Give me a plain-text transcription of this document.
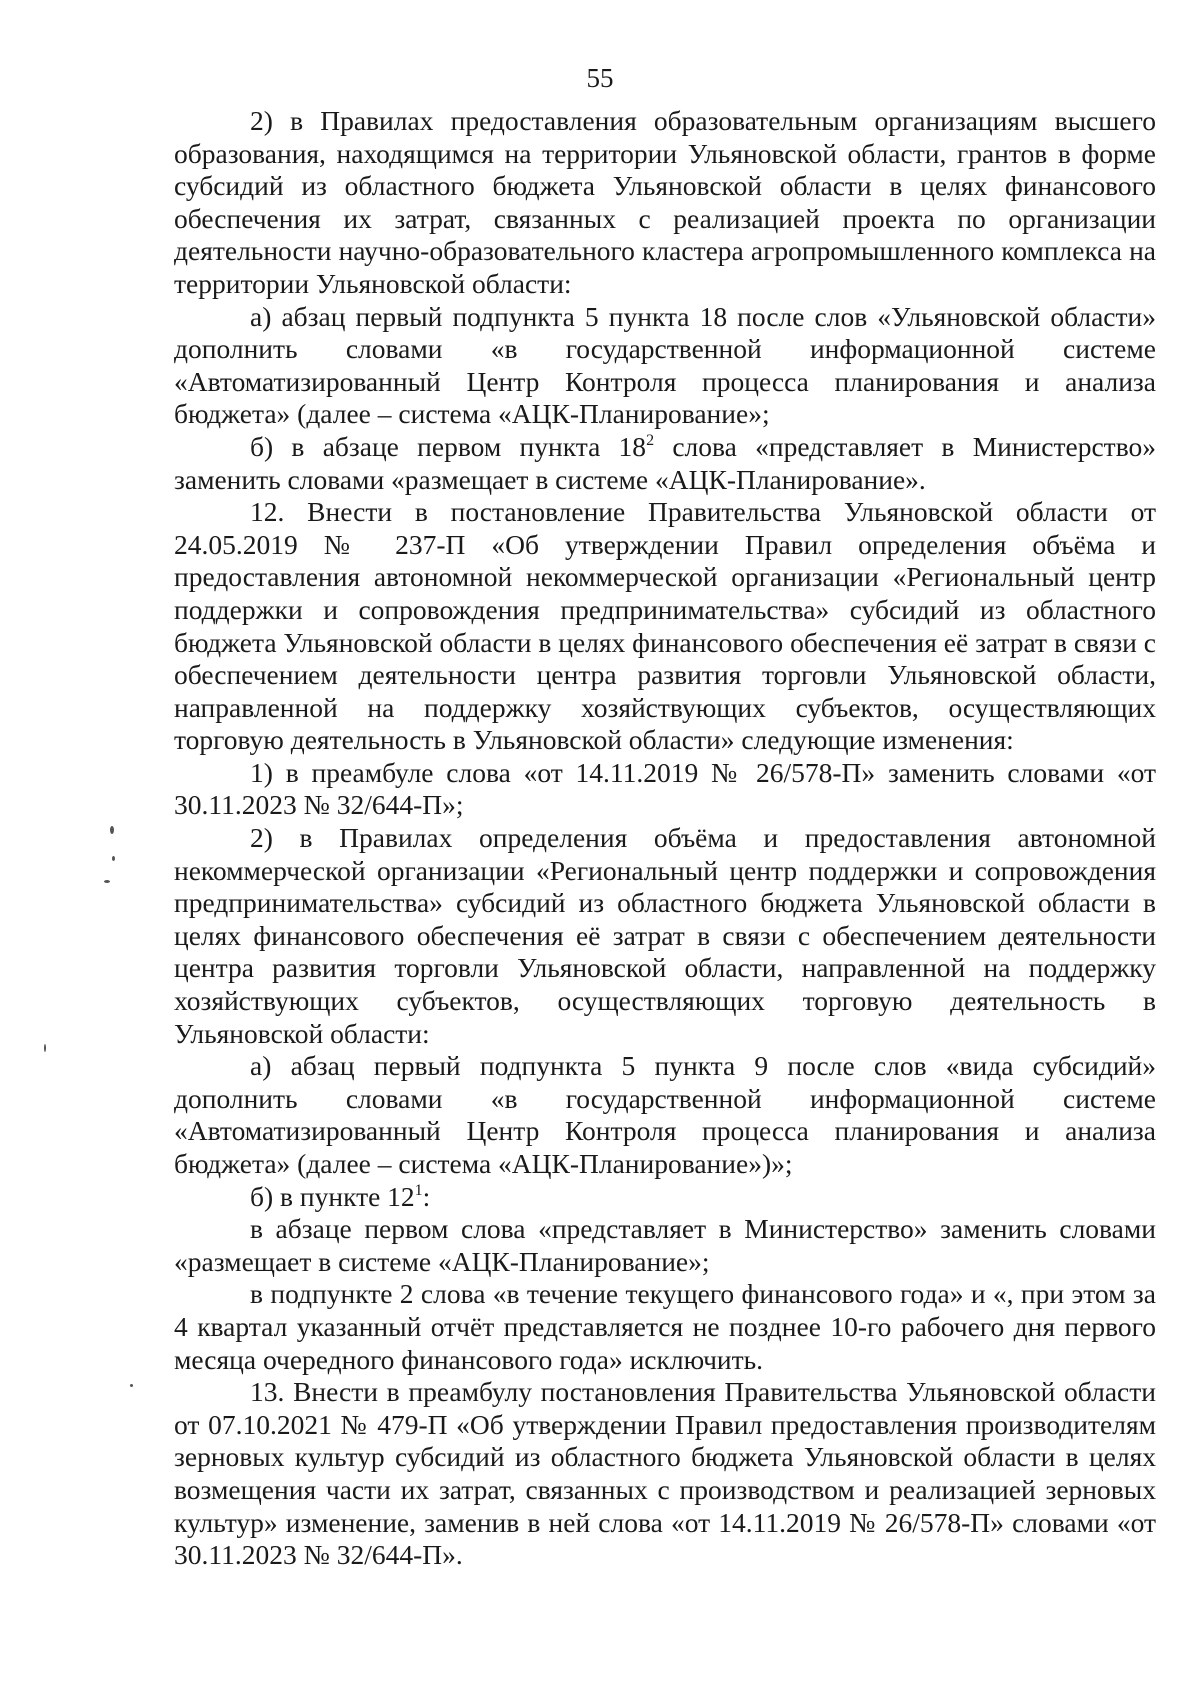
55

2) в Правилах предоставления образовательным организациям высшего образования, находящимся на территории Ульяновской области, грантов в форме субсидий из областного бюджета Ульяновской области в целях финансового обеспечения их затрат, связанных с реализацией проекта по организации деятельности научно-образовательного кластера агропромышленного комплекса на территории Ульяновской области:

а) абзац первый подпункта 5 пункта 18 после слов «Ульяновской области» дополнить словами «в государственной информационной системе «Автоматизированный Центр Контроля процесса планирования и анализа бюджета» (далее – система «АЦК-Планирование»;

б) в абзаце первом пункта $18^2$ слова «представляет в Министерство» заменить словами «размещает в системе «АЦК-Планирование».

12. Внести в постановление Правительства Ульяновской области от 24.05.2019 № 237-П «Об утверждении Правил определения объёма и предоставления автономной некоммерческой организации «Региональный центр поддержки и сопровождения предпринимательства» субсидий из областного бюджета Ульяновской области в целях финансового обеспечения её затрат в связи с обеспечением деятельности центра развития торговли Ульяновской области, направленной на поддержку хозяйствующих субъектов, осуществляющих торговую деятельность в Ульяновской области» следующие изменения:

1) в преамбуле слова «от 14.11.2019 № 26/578-П» заменить словами «от 30.11.2023 № 32/644-П»;

2) в Правилах определения объёма и предоставления автономной некоммерческой организации «Региональный центр поддержки и сопровождения предпринимательства» субсидий из областного бюджета Ульяновской области в целях финансового обеспечения её затрат в связи с обеспечением деятельности центра развития торговли Ульяновской области, направленной на поддержку хозяйствующих субъектов, осуществляющих торговую деятельность в Ульяновской области:

а) абзац первый подпункта 5 пункта 9 после слов «вида субсидий» дополнить словами «в государственной информационной системе «Автоматизированный Центр Контроля процесса планирования и анализа бюджета» (далее – система «АЦК-Планирование»)»;

б) в пункте $12^1$:

в абзаце первом слова «представляет в Министерство» заменить словами «размещает в системе «АЦК-Планирование»;

в подпункте 2 слова «в течение текущего финансового года» и «, при этом за 4 квартал указанный отчёт представляется не позднее 10-го рабочего дня первого месяца очередного финансового года» исключить.

13. Внести в преамбулу постановления Правительства Ульяновской области от 07.10.2021 № 479-П «Об утверждении Правил предоставления производителям зерновых культур субсидий из областного бюджета Ульяновской области в целях возмещения части их затрат, связанных с производством и реализацией зерновых культур» изменение, заменив в ней слова «от 14.11.2019 № 26/578-П» словами «от 30.11.2023 № 32/644-П».
